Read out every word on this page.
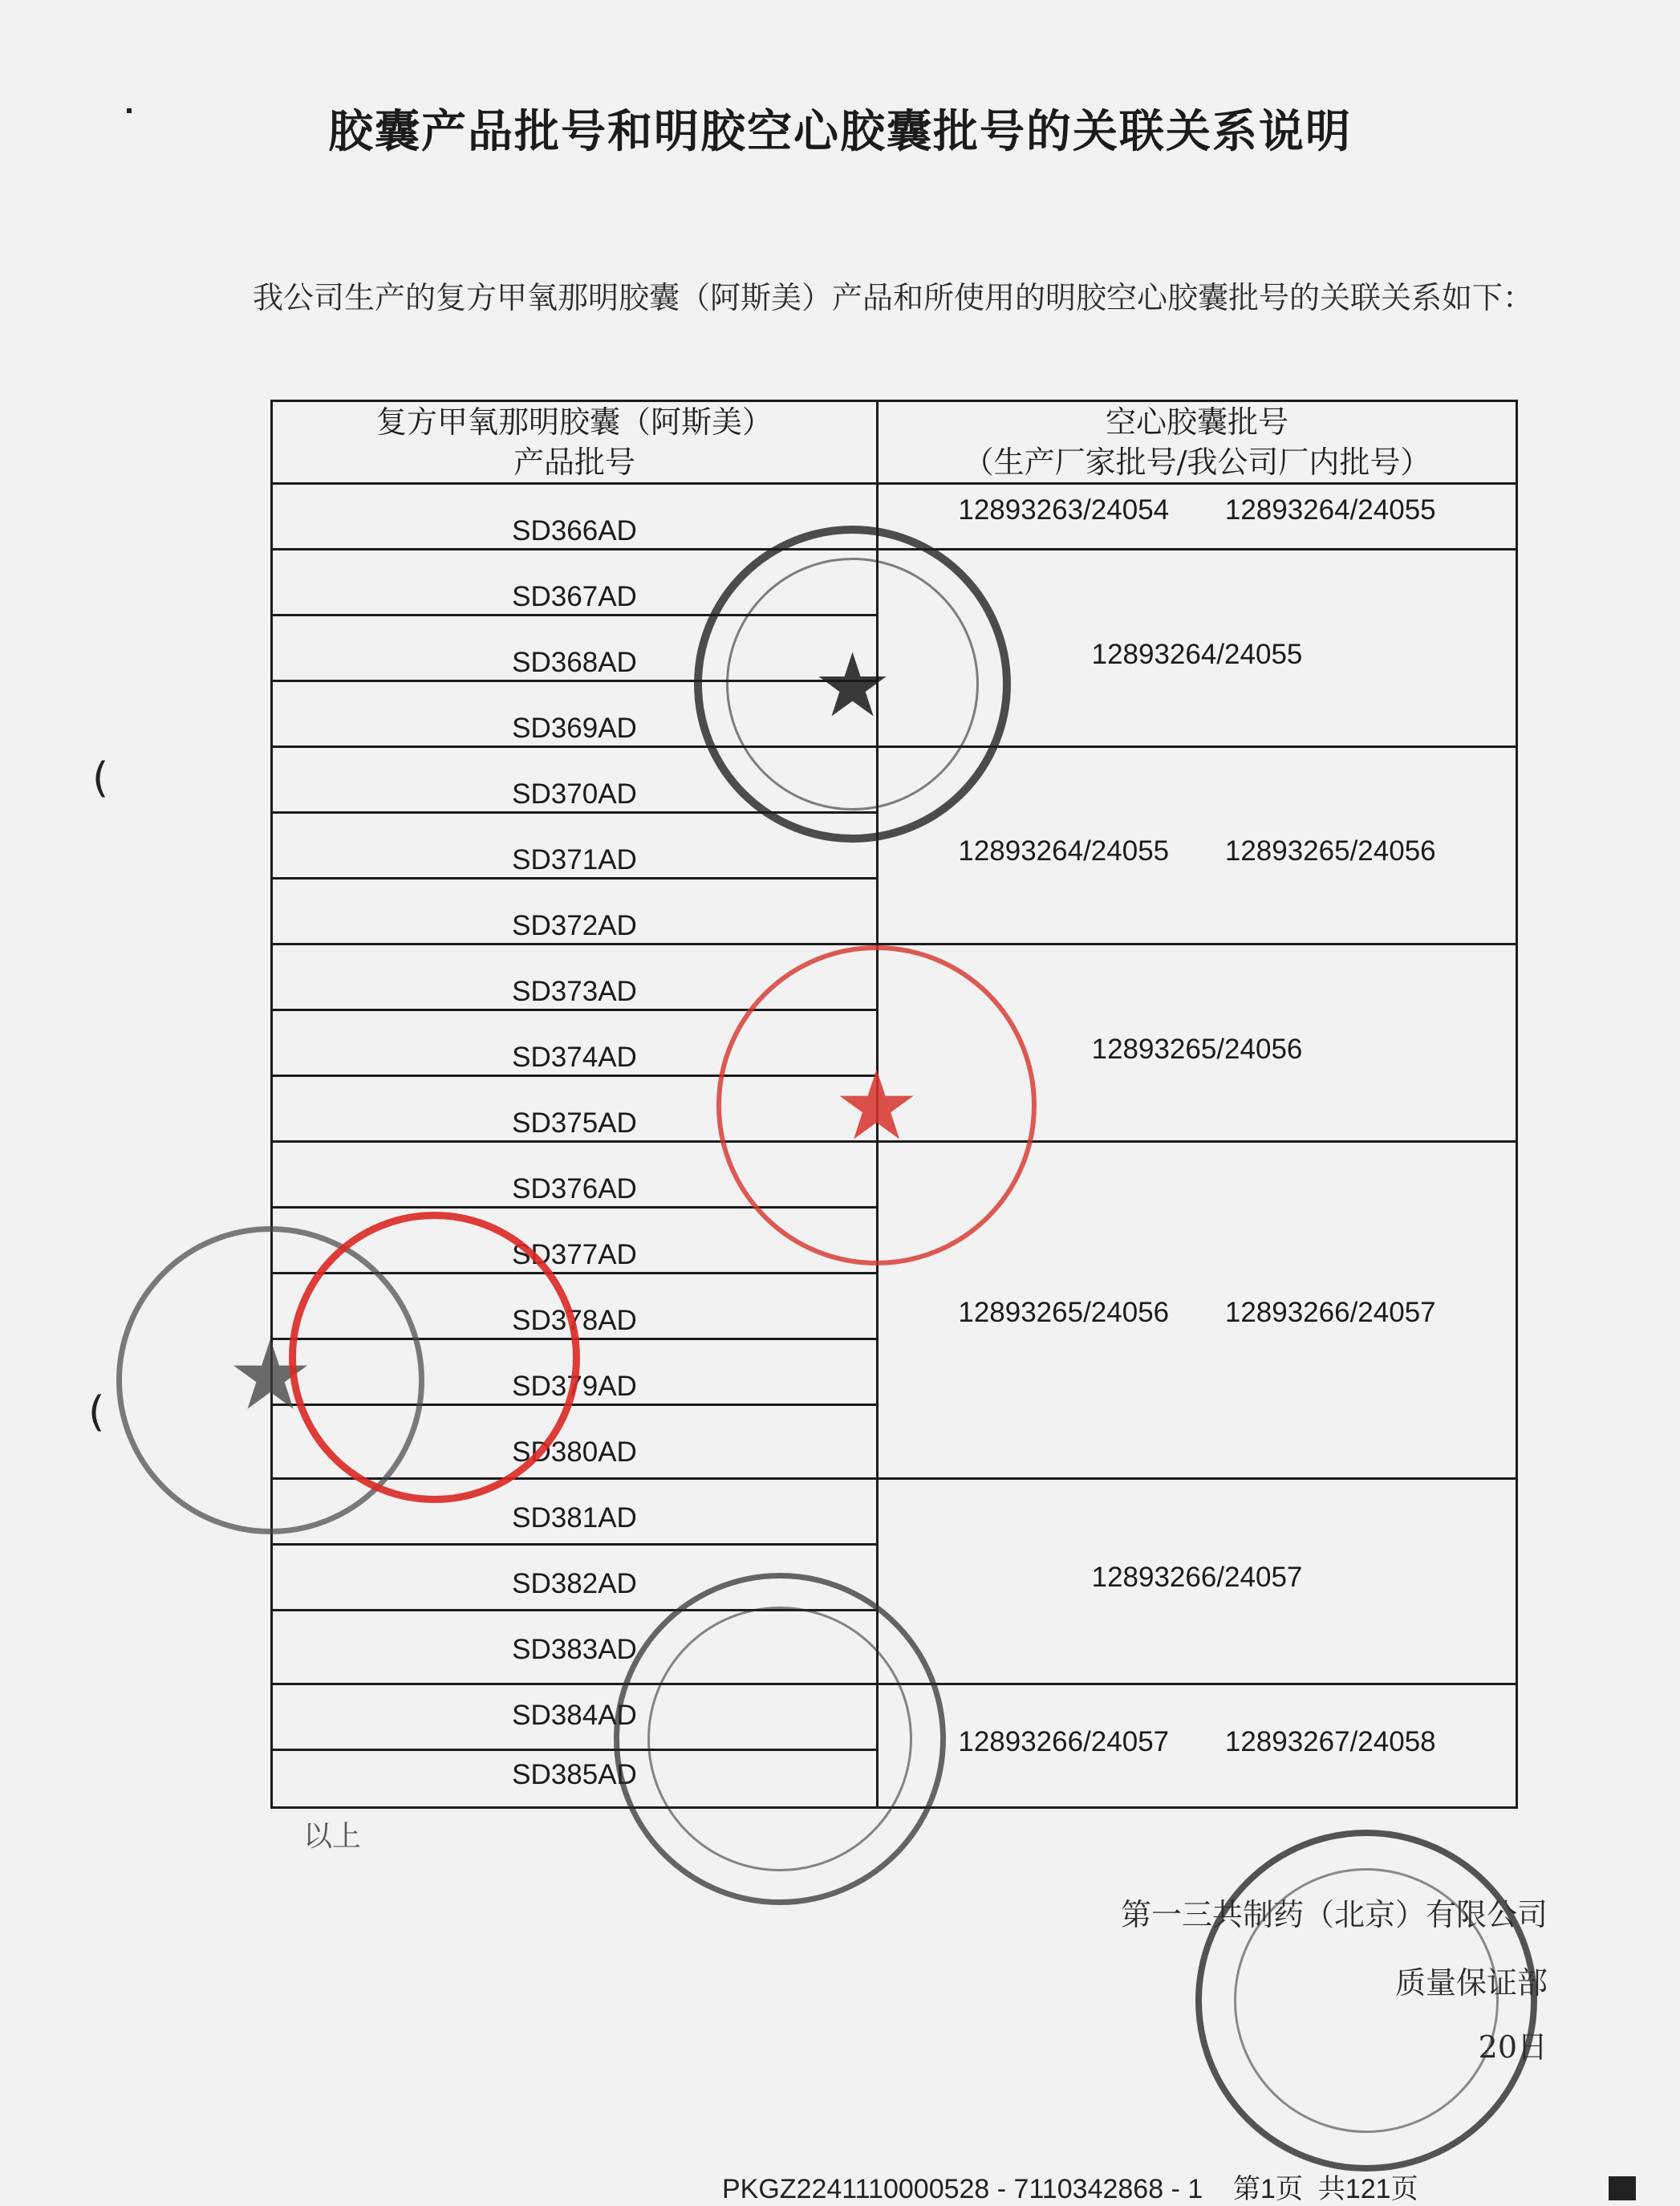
胶囊产品批号和明胶空心胶囊批号的关联关系说明
我公司生产的复方甲氧那明胶囊（阿斯美）产品和所使用的明胶空心胶囊批号的关联关系如下：
(
(
复方甲氧那明胶囊（阿斯美）
产品批号
空心胶囊批号
（生产厂家批号/我公司厂内批号）
SD366AD
SD367AD
SD368AD
SD369AD
SD370AD
SD371AD
SD372AD
SD373AD
SD374AD
SD375AD
SD376AD
SD377AD
SD378AD
SD379AD
SD380AD
SD381AD
SD382AD
SD383AD
SD384AD
SD385AD
12893263/24054 12893264/24055
12893264/24055
12893264/24055 12893265/24056
12893265/24056
12893265/24056 12893266/24057
12893266/24057
12893266/24057 12893267/24058
★
★
★
以上
第一三共制药（北京）有限公司
质量保证部
20日
PKGZ2241110000528 - 7110342868 - 1    第1页  共121页
